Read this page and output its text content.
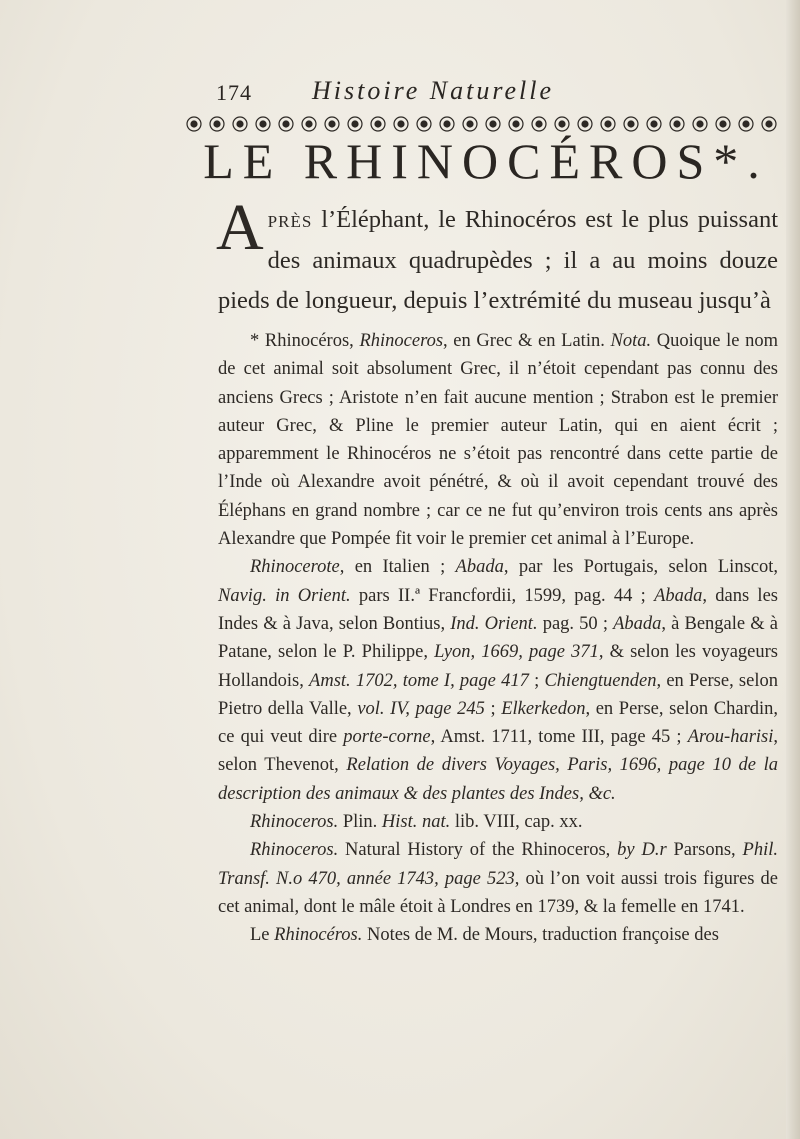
174 Histoire Naturelle
LE RHINOCÉROS*.
Après l’Éléphant, le Rhinocéros est le plus puissant des animaux quadrupèdes ; il a au moins douze pieds de longueur, depuis l’extrémité du museau jusqu’à

* Rhinocéros, Rhinoceros, en Grec & en Latin. Nota. Quoique le nom de cet animal soit absolument Grec, il n’étoit cependant pas connu des anciens Grecs ; Aristote n’en fait aucune mention ; Strabon est le premier auteur Grec, & Pline le premier auteur Latin, qui en aient écrit ; apparemment le Rhinocéros ne s’étoit pas rencontré dans cette partie de l’Inde où Alexandre avoit pénétré, & où il avoit cependant trouvé des Éléphans en grand nombre ; car ce ne fut qu’environ trois cents ans après Alexandre que Pompée fit voir le premier cet animal à l’Europe.

Rhinocerote, en Italien ; Abada, par les Portugais, selon Linscot, Navig. in Orient. pars II.ª Francfordii, 1599, pag. 44 ; Abada, dans les Indes & à Java, selon Bontius, Ind. Orient. pag. 50 ; Abada, à Bengale & à Patane, selon le P. Philippe, Lyon, 1669, page 371, & selon les voyageurs Hollandois, Amst. 1702, tome I, page 417 ; Chiengtuenden, en Perse, selon Pietro della Valle, vol. IV, page 245 ; Elkerkedon, en Perse, selon Chardin, ce qui veut dire porte-corne, Amst. 1711, tome III, page 45 ; Arou-harisi, selon Thevenot, Relation de divers Voyages, Paris, 1696, page 10 de la description des animaux & des plantes des Indes, &c.

Rhinoceros. Plin. Hist. nat. lib. VIII, cap. xx.

Rhinoceros. Natural History of the Rhinoceros, by D.r Parsons, Phil. Transf. N.o 470, année 1743, page 523, où l’on voit aussi trois figures de cet animal, dont le mâle étoit à Londres en 1739, & la femelle en 1741.

Le Rhinocéros. Notes de M. de Mours, traduction françoise des
